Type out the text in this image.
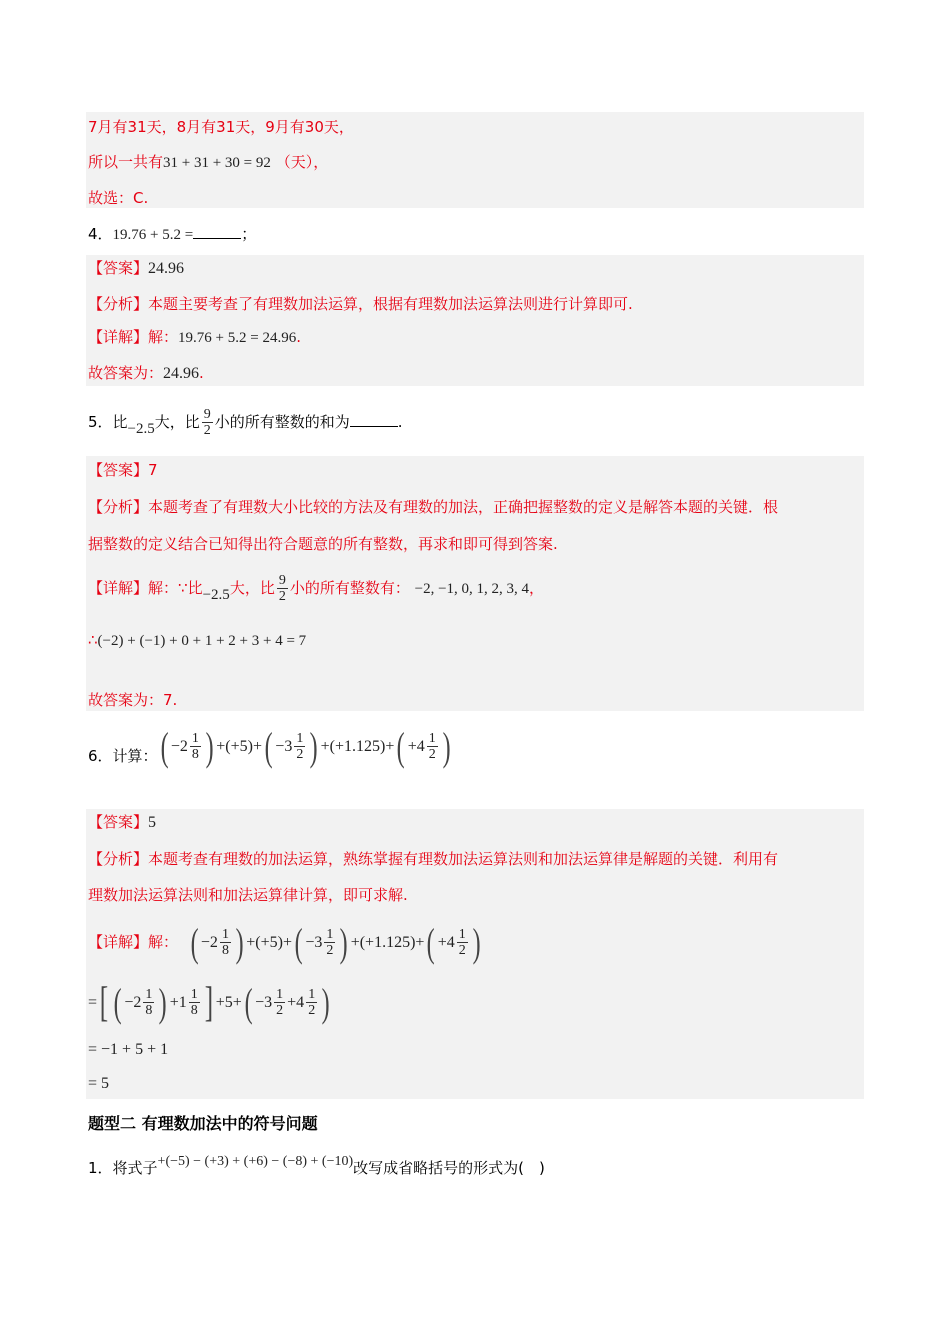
7月有31天，8月有31天，9月有30天，
所以一共有31 + 31 + 30 = 92 （天），
故选：C.
4．19.76 + 5.2 =	；
【答案】24.96
【分析】本题主要考查了有理数加法运算，根据有理数加法运算法则进行计算即可.
【详解】解：19.76 + 5.2 = 24.96.
故答案为：24.96.
5．比−2.5大，比 $\frac{9}{2}$ 小的所有整数的和为	.
【答案】7
【分析】本题考查了有理数大小比较的方法及有理数的加法，正确把握整数的定义是解答本题的关键．根
据整数的定义结合已知得出符合题意的所有整数，再求和即可得到答案.
【详解】解：∵比−2.5大，比 $\frac{9}{2}$ 小的所有整数有： −2, −1, 0, 1, 2, 3, 4，
∴(−2) + (−1) + 0 + 1 + 2 + 3 + 4 = 7
故答案为：7.
6．计算：( $-2 \frac{1}{8}$ ) $+(+5)+( -3 \frac{1}{2}$ ) $+(+1.125)+( +4 \frac{1}{2}$ )
【答案】5
【分析】本题考查有理数的加法运算，熟练掌握有理数加法运算法则和加法运算律是解题的关键．利用有
理数加法运算法则和加法运算律计算，即可求解.
【详解】解： ( $-2 \frac{1}{8}$ ) $+(+5)+( -3 \frac{1}{2}$ ) $+(+1.125)+( +4 \frac{1}{2}$ )
=[ ( $-2 \frac{1}{8}$ ) $+1 \frac{1}{8}$ ] $+5+( -3 \frac{1}{2} +4 \frac{1}{2}$ )
= −1 + 5 + 1
= 5
题型二 有理数加法中的符号问题
1．将式子+(−5) − (+3) + (+6) − (−8) + (−10)改写成省略括号的形式为(　)
